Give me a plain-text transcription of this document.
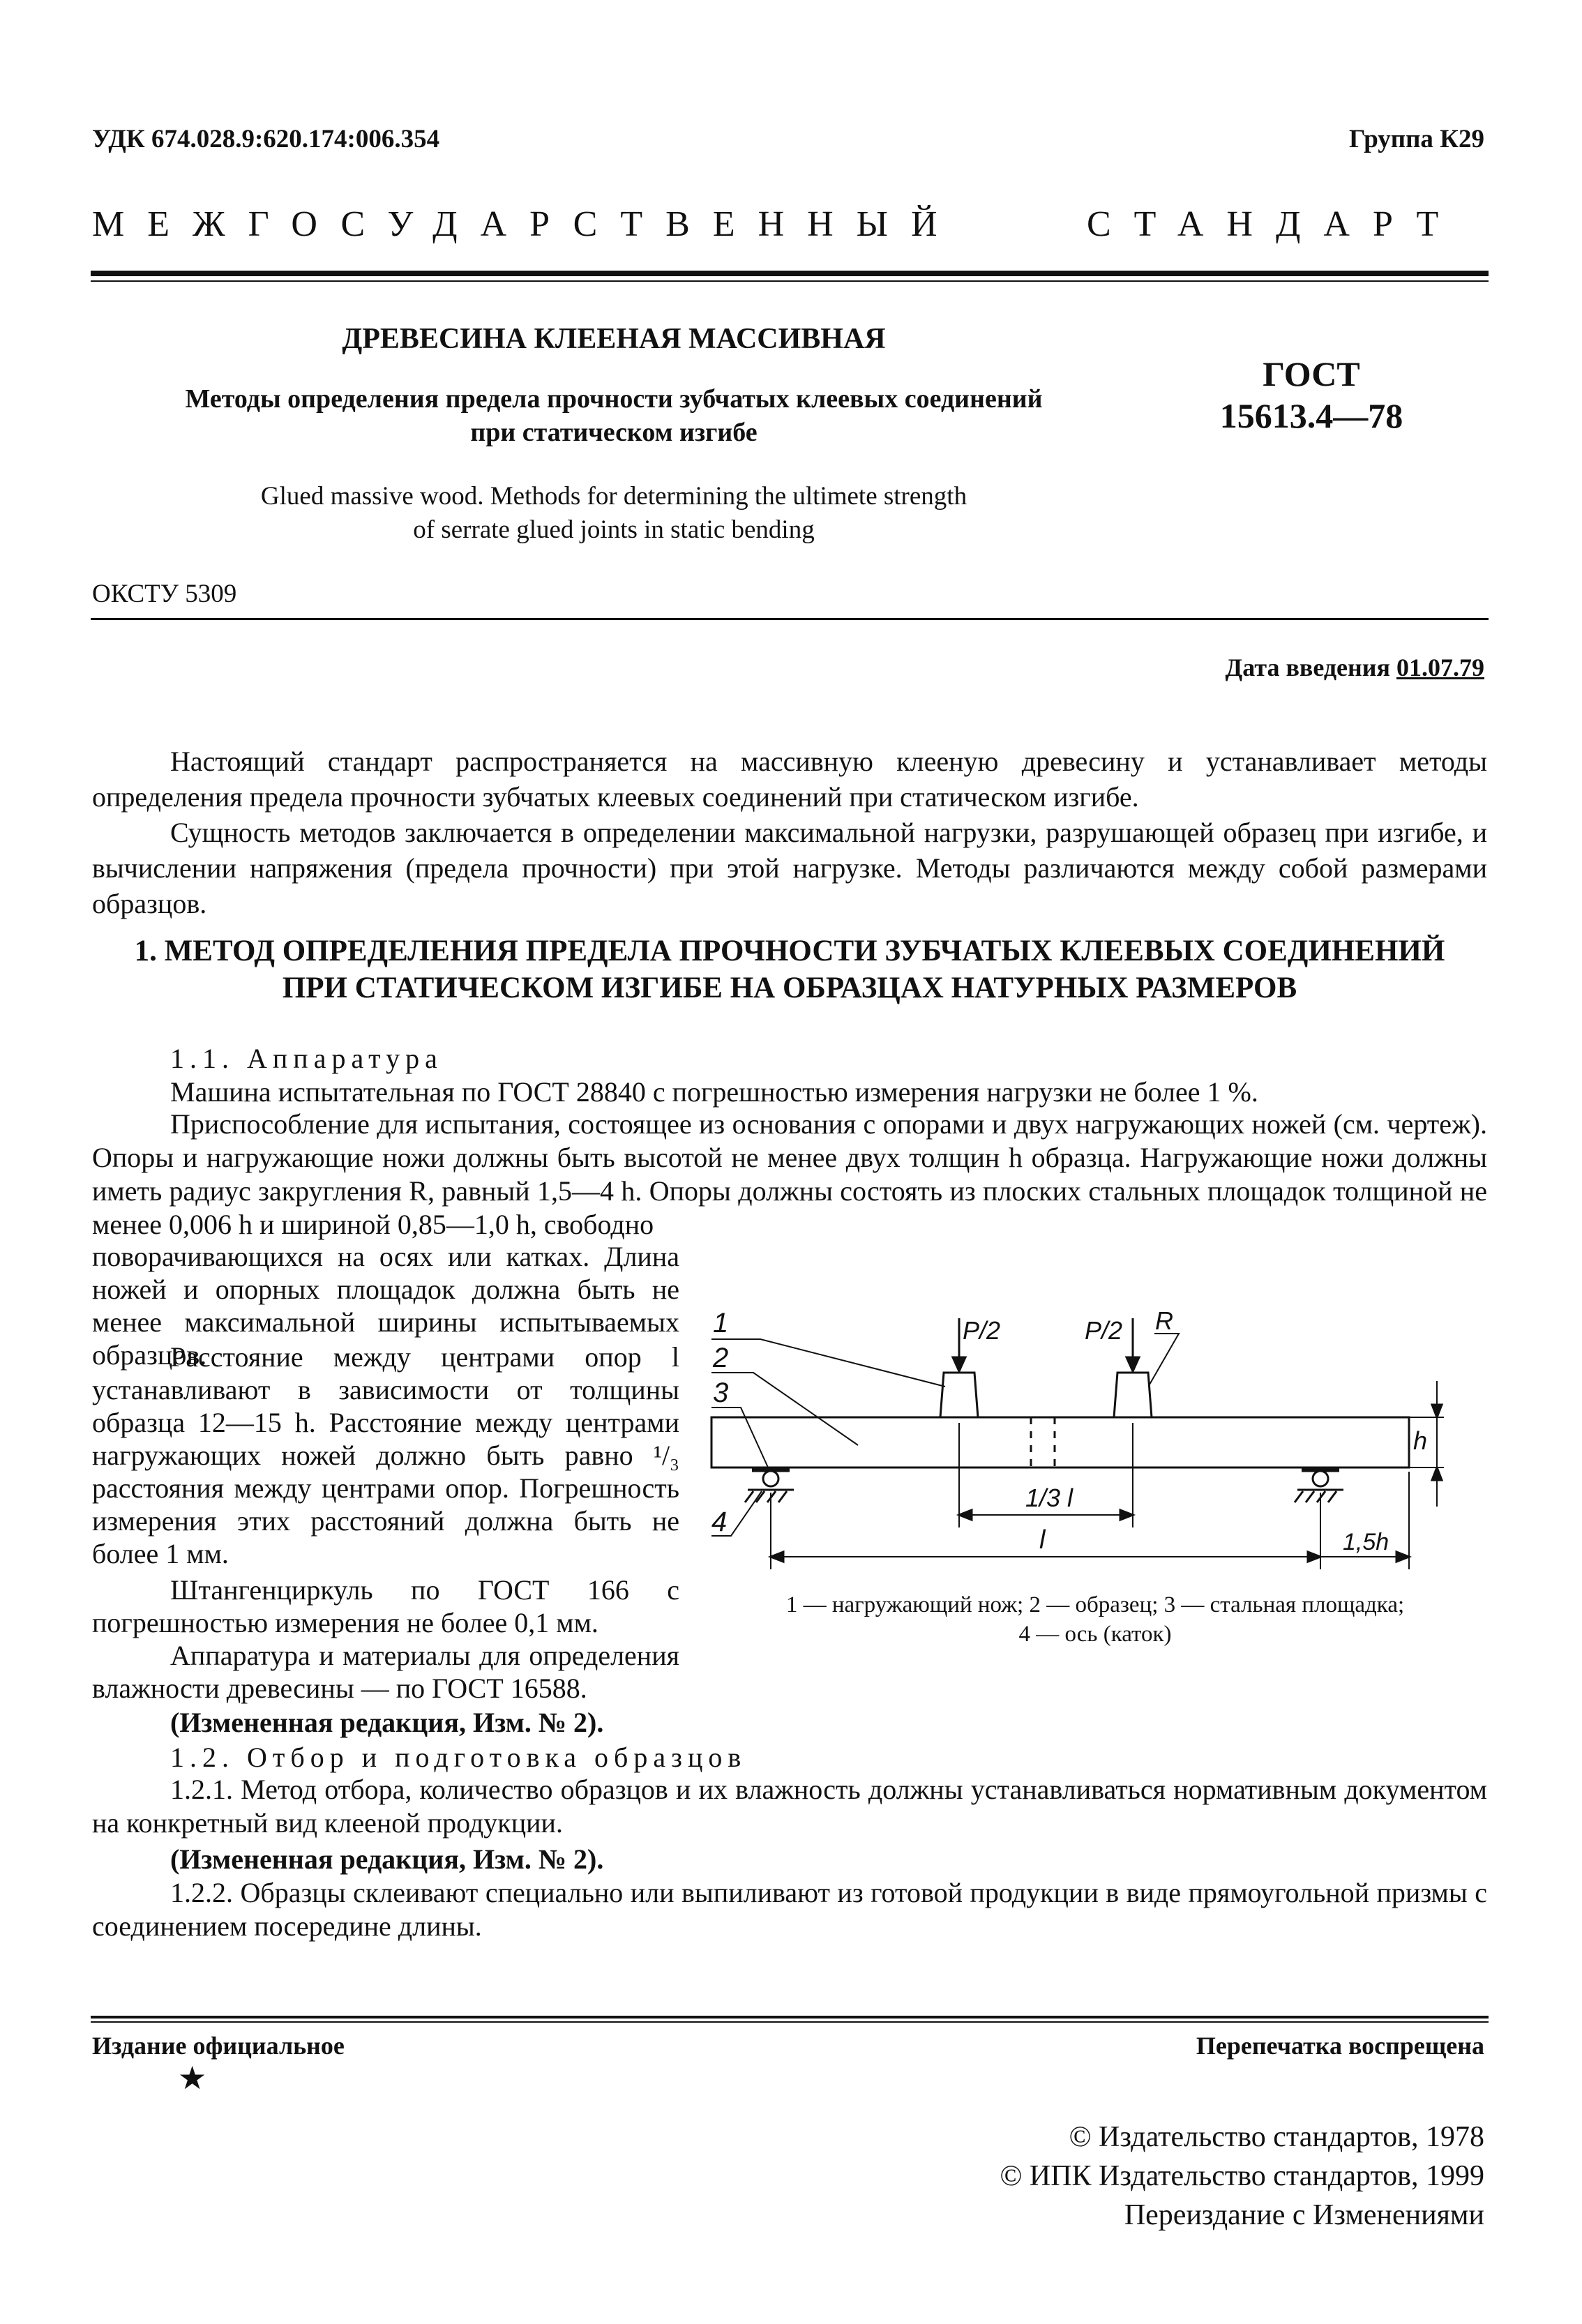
УДК 674.028.9:620.174:006.354	Группа К29
МЕЖГОСУДАРСТВЕННЫЙ	СТАНДАРТ
ДРЕВЕСИНА КЛЕЕНАЯ МАССИВНАЯ
Методы определения предела прочности зубчатых клеевых соединений
при статическом изгибе
ГОСТ
15613.4—78
Glued massive wood. Methods for determining the ultimete strength
of serrate glued joints in static bending
ОКСТУ 5309
Дата введения 01.07.79
Настоящий стандарт распространяется на массивную клееную древесину и устанавливает методы определения предела прочности зубчатых клеевых соединений при статическом изгибе.
Сущность методов заключается в определении максимальной нагрузки, разрушающей образец при изгибе, и вычислении напряжения (предела прочности) при этой нагрузке. Методы различаются между собой размерами образцов.
1. МЕТОД ОПРЕДЕЛЕНИЯ ПРЕДЕЛА ПРОЧНОСТИ ЗУБЧАТЫХ КЛЕЕВЫХ СОЕДИНЕНИЙ
ПРИ СТАТИЧЕСКОМ ИЗГИБЕ НА ОБРАЗЦАХ НАТУРНЫХ РАЗМЕРОВ
1.1. Аппаратура
Машина испытательная по ГОСТ 28840 с погрешностью измерения нагрузки не более 1 %.
Приспособление для испытания, состоящее из основания с опорами и двух нагружающих ножей (см. чертеж). Опоры и нагружающие ножи должны быть высотой не менее двух толщин h образца. Нагружающие ножи должны иметь радиус закругления R, равный 1,5—4 h. Опоры должны состоять из плоских стальных площадок толщиной не менее 0,006 h и шириной 0,85—1,0 h, свободно
поворачивающихся на осях или катках. Длина ножей и опорных площадок должна быть не менее максимальной ширины испытываемых образцов.
Расстояние между центрами опор l устанавливают в зависимости от толщины образца 12—15 h. Расстояние между центрами нагружающих ножей должно быть равно ¹/₃ расстояния между центрами опор. Погрешность измерения этих расстояний должна быть не более 1 мм.
Штангенциркуль по ГОСТ 166 с погрешностью измерения не более 0,1 мм.
Аппаратура и материалы для определения влажности древесины — по ГОСТ 16588.
(Измененная редакция, Изм. № 2).
1.2. Отбор и подготовка образцов
1.2.1. Метод отбора, количество образцов и их влажность должны устанавливаться нормативным документом на конкретный вид клееной продукции.
(Измененная редакция, Изм. № 2).
1.2.2. Образцы склеивают специально или выпиливают из готовой продукции в виде прямоугольной призмы с соединением посередине длины.
1
2
3
4
P/2	P/2 R
h
1/3 l
l	1,5h
1 — нагружающий нож; 2 — образец; 3 — стальная площадка;
4 — ось (каток)
Издание официальное
★
Перепечатка воспрещена
© Издательство стандартов, 1978
© ИПК Издательство стандартов, 1999
Переиздание с Изменениями
